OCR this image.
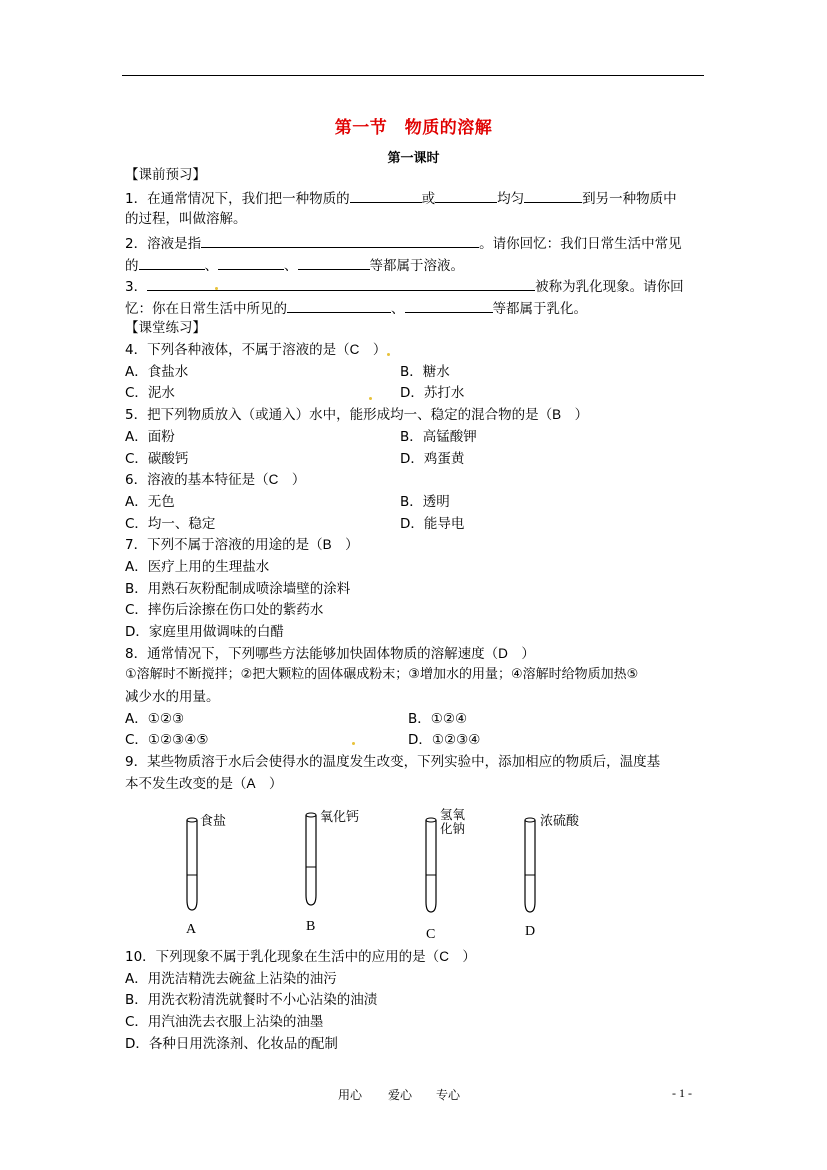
第一节　物质的溶解
第一课时
【课前预习】
1．在通常情况下，我们把一种物质的	或	均匀	到另一种物质中
的过程，叫做溶解。
2．溶液是指	。请你回忆：我们日常生活中常见
的	、	、	等都属于溶液。
3．	被称为乳化现象。请你回
忆：你在日常生活中所见的	、	等都属于乳化。
【课堂练习】
4．下列各种液体，不属于溶液的是（C　）
A．食盐水	B．糖水
C．泥水	D．苏打水
5．把下列物质放入（或通入）水中，能形成均一、稳定的混合物的是（B　）
A．面粉	B．高锰酸钾
C．碳酸钙	D．鸡蛋黄
6．溶液的基本特征是（C　）
A．无色	B．透明
C．均一、稳定	D．能导电
7．下列不属于溶液的用途的是（B　）
A．医疗上用的生理盐水
B．用熟石灰粉配制成喷涂墙壁的涂料
C．摔伤后涂擦在伤口处的紫药水
D．家庭里用做调味的白醋
8．通常情况下，下列哪些方法能够加快固体物质的溶解速度（D　）
①溶解时不断搅拌；②把大颗粒的固体碾成粉末；③增加水的用量；④溶解时给物质加热⑤
减少水的用量。
A．①②③	B．①②④
C．①②③④⑤	D．①②③④
9．某些物质溶于水后会使得水的温度发生改变，下列实验中，添加相应的物质后，温度基
本不发生改变的是（A　）
食盐
A
氧化钙
B
氢氧
化钠
C
浓硫酸
D
10．下列现象不属于乳化现象在生活中的应用的是（C　）
A．用洗洁精洗去碗盆上沾染的油污
B．用洗衣粉清洗就餐时不小心沾染的油渍
C．用汽油洗去衣服上沾染的油墨
D．各种日用洗涤剂、化妆品的配制
用心 爱心 专心	- 1 -
